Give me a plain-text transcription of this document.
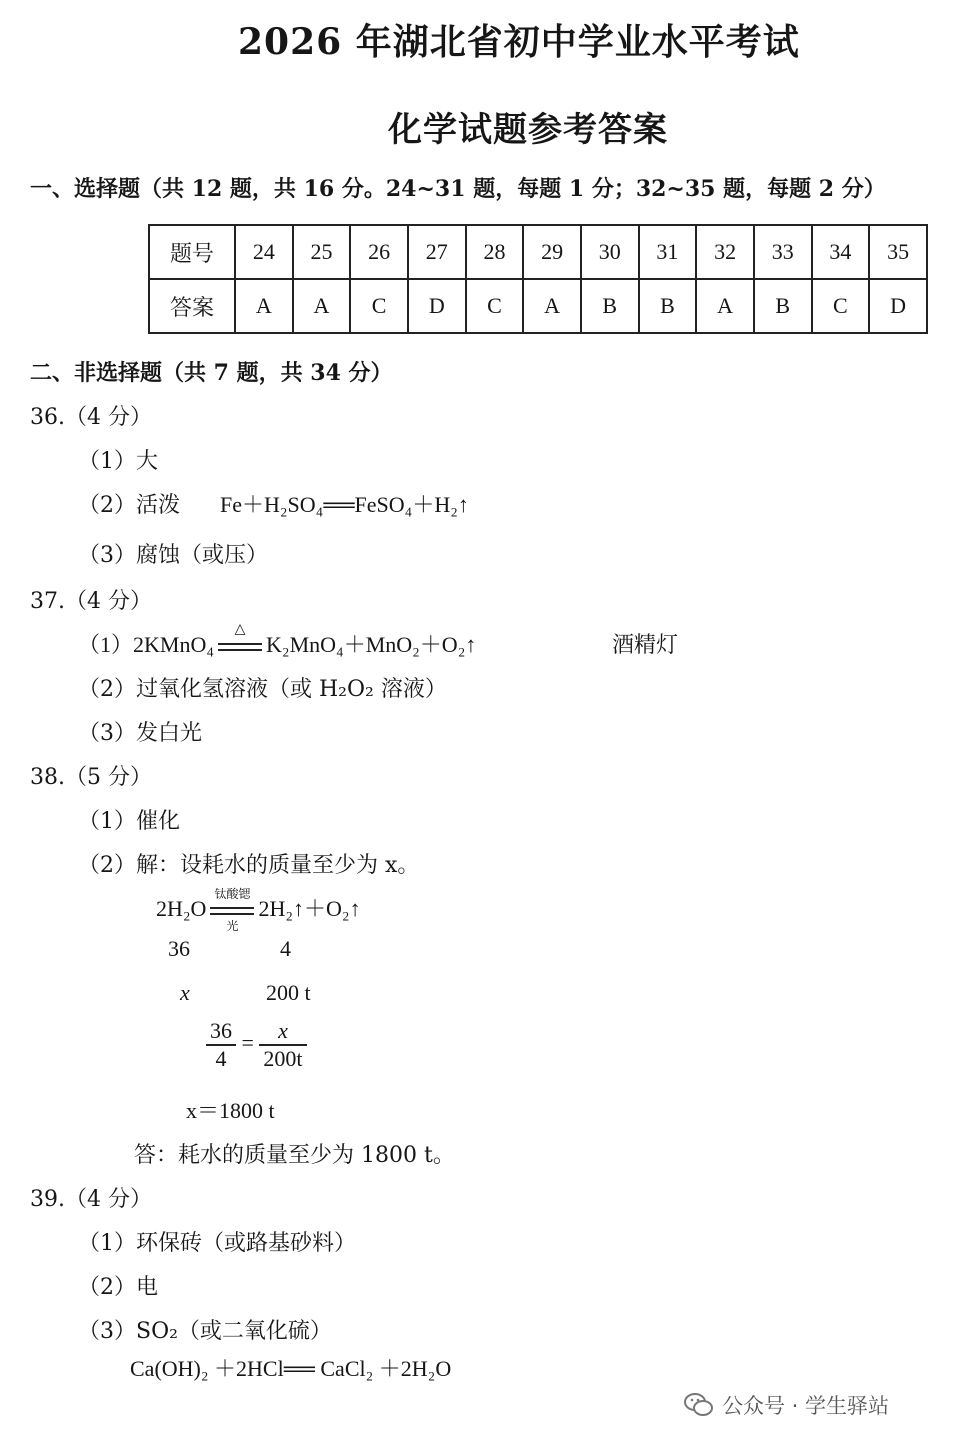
2026 年湖北省初中学业水平考试
化学试题参考答案
一、选择题（共 12 题，共 16 分。24~31 题，每题 1 分；32~35 题，每题 2 分）
题号	24	25	26	27	28	29	30	31	32	33	34	35
答案	A	A	C	D	C	A	B	B	A	B	C	D
二、非选择题（共 7 题，共 34 分）
36.（4 分）
（1）大
（2）活泼 Fe＋H₂SO₄══FeSO₄＋H₂↑
（3）腐蚀（或压）
37.（4 分）
（1）2KMnO₄
△
K₂MnO₄＋MnO₂＋O₂↑	酒精灯
（2）过氧化氢溶液（或 H₂O₂ 溶液）
（3）发白光
38.（5 分）
（1）催化
（2）解：设耗水的质量至少为 x。
2H₂O
钛酸锶
光
2H₂↑＋O₂↑
36	4
x	200 t
$\frac{36}{4} = \frac{x}{200t}$
x＝1800 t
答：耗水的质量至少为 1800 t。
39.（4 分）
（1）环保砖（或路基砂料）
（2）电
（3）SO₂（或二氧化硫）
Ca(OH)₂ ＋2HCl══ CaCl₂ ＋2H₂O
公众号 · 学生驿站
